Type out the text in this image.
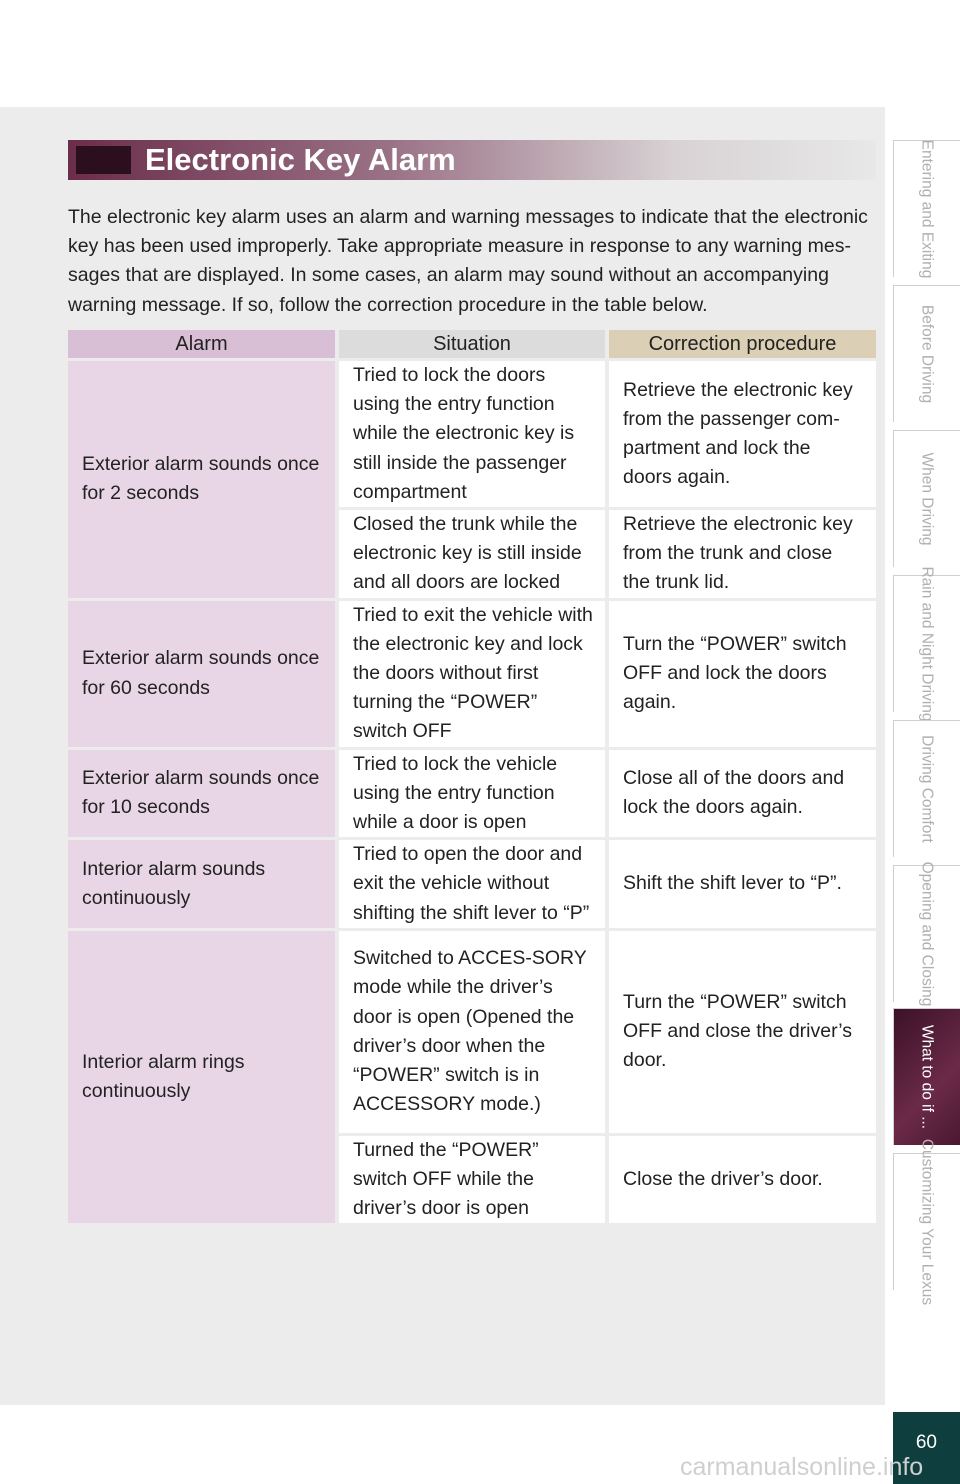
Electronic Key Alarm

The electronic key alarm uses an alarm and warning messages to indicate that the electronic key has been used improperly. Take appropriate measure in response to any warning mes-sages that are displayed. In some cases, an alarm may sound without an accompanying warning message. If so, follow the correction procedure in the table below.

Alarm	Situation	Correction procedure
Exterior alarm sounds once for 2 seconds	Tried to lock the doors using the entry function while the electronic key is still inside the passenger compartment	Retrieve the electronic key from the passenger com-partment and lock the doors again.
	Closed the trunk while the electronic key is still inside and all doors are locked	Retrieve the electronic key from the trunk and close the trunk lid.
Exterior alarm sounds once for 60 seconds	Tried to exit the vehicle with the electronic key and lock the doors without first turning the “POWER” switch OFF	Turn the “POWER” switch OFF and lock the doors again.
Exterior alarm sounds once for 10 seconds	Tried to lock the vehicle using the entry function while a door is open	Close all of the doors and lock the doors again.
Interior alarm sounds continuously	Tried to open the door and exit the vehicle without shifting the shift lever to “P”	Shift the shift lever to “P”.
Interior alarm rings continuously	Switched to ACCES-SORY mode while the driver’s door is open (Opened the driver’s door when the “POWER” switch is in ACCESSORY mode.)	Turn the “POWER” switch OFF and close the driver’s door.
	Turned the “POWER” switch OFF while the driver’s door is open	Close the driver’s door.
Entering and Exiting
Before Driving
When Driving
Rain and Night Driving
Driving Comfort
Opening and Closing
What to do if ...
Customizing Your Lexus
60
carmanualsonline.info
